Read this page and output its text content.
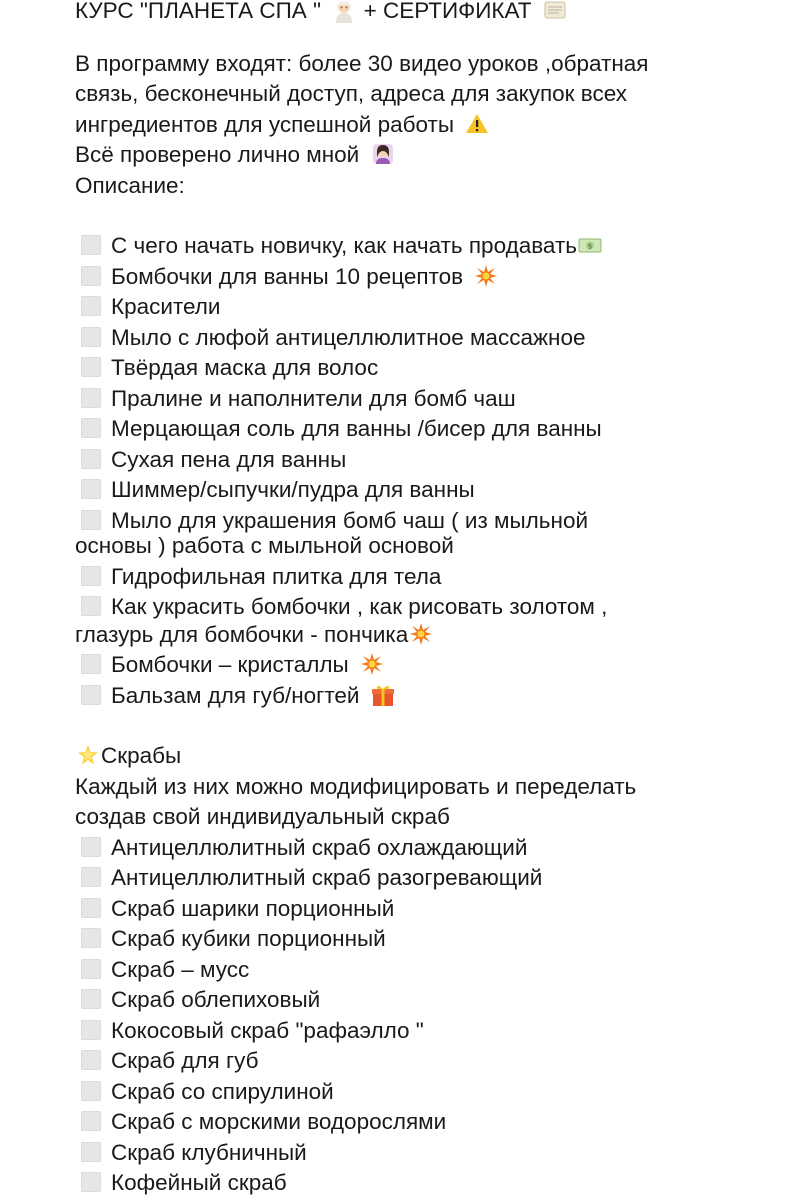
КУРС "ПЛАНЕТА СПА " + СЕРТИФИКАТ
В программу входят: более 30 видео уроков ,обратная
связь, бесконечный доступ, адреса для закупок всех
ингредиентов для успешной работы
Всё проверено лично мной
Описание:
С чего начать новичку, как начать продавать $
Бомбочки для ванны 10 рецептов
Красители
Мыло с люфой антицеллюлитное массажное
Твёрдая маска для волос
Пралине и наполнители для бомб чаш
Мерцающая соль для ванны /бисер для ванны
Сухая пена для ванны
Шиммер/сыпучки/пудра для ванны
Мыло для украшения бомб чаш ( из мыльной
основы ) работа с мыльной основой
Гидрофильная плитка для тела
Как украсить бомбочки , как рисовать золотом ,
глазурь для бомбочки - пончика
Бомбочки – кристаллы
Бальзам для губ/ногтей
Скрабы
Каждый из них можно модифицировать и переделать
создав свой индивидуальный скраб
Антицеллюлитный скраб охлаждающий
Антицеллюлитный скраб разогревающий
Скраб шарики порционный
Скраб кубики порционный
Скраб – мусс
Скраб облепиховый
Кокосовый скраб "рафаэлло "
Скраб для губ
Скраб со спирулиной
Скраб с морскими водорослями
Скраб клубничный
Кофейный скраб
